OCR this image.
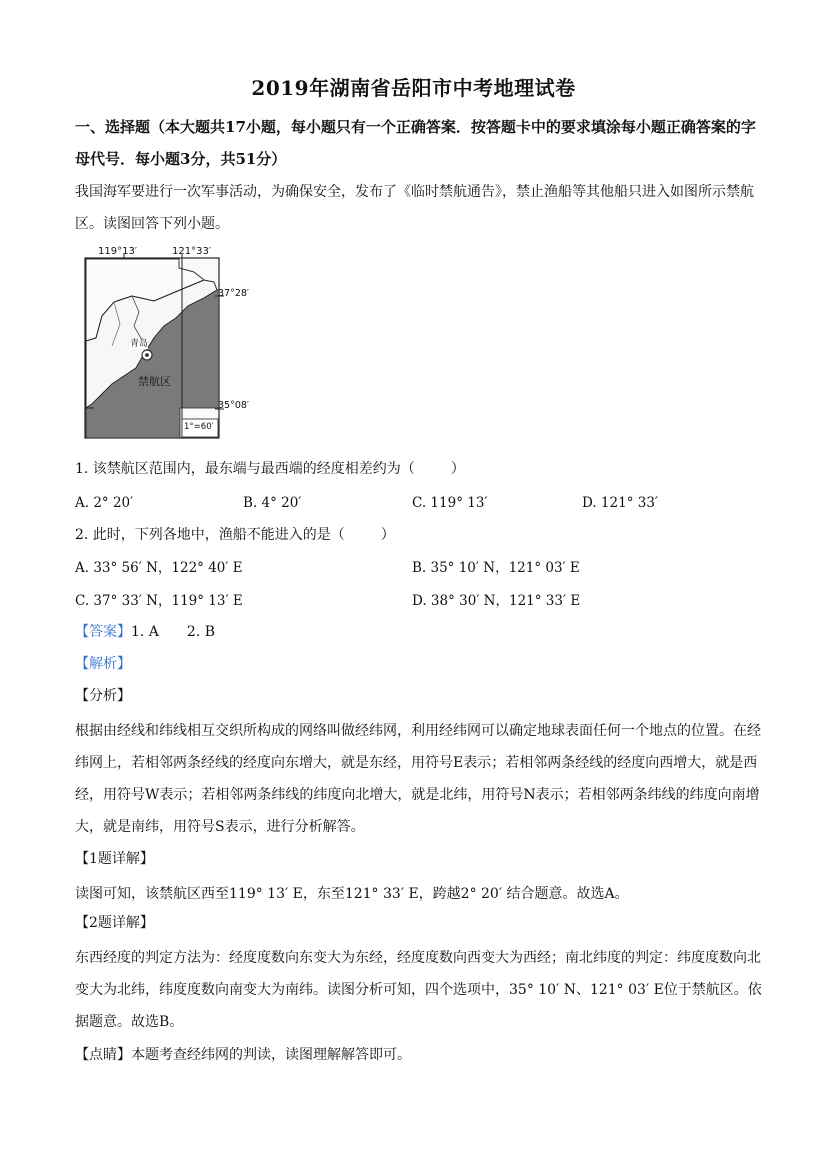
2019年湖南省岳阳市中考地理试卷
一、选择题（本大题共17小题，每小题只有一个正确答案．按答题卡中的要求填涂每小题正确答案的字母代号．每小题3分，共51分）
我国海军要进行一次军事活动，为确保安全，发布了《临时禁航通告》，禁止渔船等其他船只进入如图所示禁航区。读图回答下列小题。
119°13′	121°33′
37°28′
35°08′
青岛
禁航区
1°=60′
1. 该禁航区范围内，最东端与最西端的经度相差约为（	）
A. 2° 20′	B. 4° 20′	C. 119° 13′	D. 121° 33′
2. 此时，下列各地中，渔船不能进入的是（	）
A. 33° 56′ N，122° 40′ E	B. 35° 10′ N，121° 03′ E
C. 37° 33′ N，119° 13′ E	D. 38° 30′ N，121° 33′ E
【答案】1. A 2. B
【解析】
【分析】
根据由经线和纬线相互交织所构成的网络叫做经纬网，利用经纬网可以确定地球表面任何一个地点的位置。在经纬网上，若相邻两条经线的经度向东增大，就是东经，用符号E表示；若相邻两条经线的经度向西增大，就是西经，用符号W表示；若相邻两条纬线的纬度向北增大，就是北纬，用符号N表示；若相邻两条纬线的纬度向南增大，就是南纬，用符号S表示，进行分析解答。
【1题详解】
读图可知，该禁航区西至119° 13′ E，东至121° 33′ E，跨越2° 20′ 结合题意。故选A。
【2题详解】
东西经度的判定方法为：经度度数向东变大为东经，经度度数向西变大为西经；南北纬度的判定：纬度度数向北变大为北纬，纬度度数向南变大为南纬。读图分析可知，四个选项中，35° 10′ N、121° 03′ E位于禁航区。依据题意。故选B。
【点睛】本题考查经纬网的判读，读图理解解答即可。
